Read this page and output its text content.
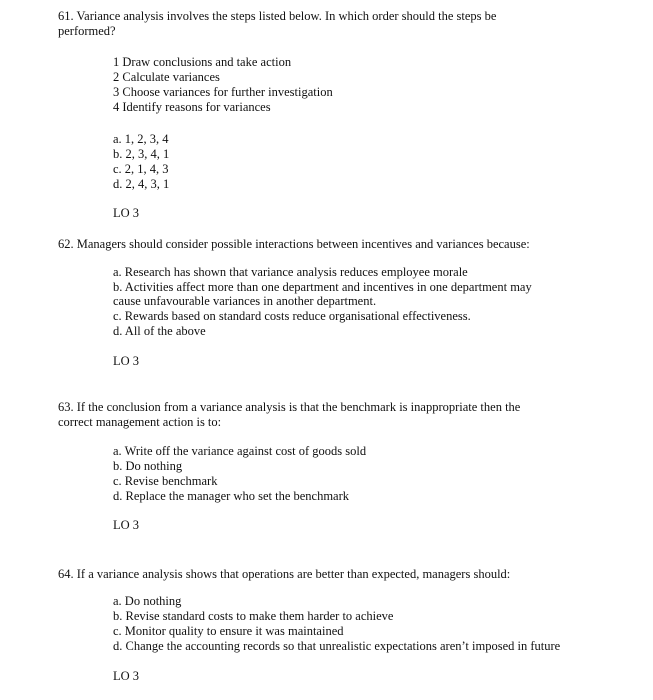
61. Variance analysis involves the steps listed below. In which order should the steps be
performed?
1 Draw conclusions and take action
2 Calculate variances
3 Choose variances for further investigation
4 Identify reasons for variances
a. 1, 2, 3, 4
b. 2, 3, 4, 1
c. 2, 1, 4, 3
d. 2, 4, 3, 1
LO 3
62. Managers should consider possible interactions between incentives and variances because:
a. Research has shown that variance analysis reduces employee morale
b. Activities affect more than one department and incentives in one department may
cause unfavourable variances in another department.
c. Rewards based on standard costs reduce organisational effectiveness.
d. All of the above
LO 3
63. If the conclusion from a variance analysis is that the benchmark is inappropriate then the
correct management action is to:
a. Write off the variance against cost of goods sold
b. Do nothing
c. Revise benchmark
d. Replace the manager who set the benchmark
LO 3
64. If a variance analysis shows that operations are better than expected, managers should:
a. Do nothing
b. Revise standard costs to make them harder to achieve
c. Monitor quality to ensure it was maintained
d. Change the accounting records so that unrealistic expectations aren’t imposed in future
LO 3
